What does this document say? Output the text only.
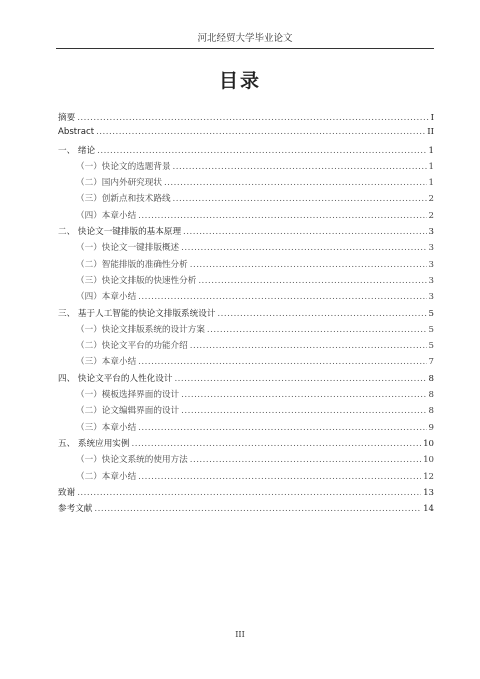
河北经贸大学毕业论文
目录
摘要 .....	I
Abstract .....	II
一、 绪论 .....	1
（一）快论文的选题背景 .....	1
（二）国内外研究现状 .....	1
（三）创新点和技术路线 .....	2
（四）本章小结 .....	2
二、 快论文一键排版的基本原理 .....	3
（一）快论文一键排版概述 .....	3
（二）智能排版的准确性分析 .....	3
（三）快论文排版的快速性分析 .....	3
（四）本章小结 .....	3
三、 基于人工智能的快论文排版系统设计 .....	5
（一）快论文排版系统的设计方案 .....	5
（二）快论文平台的功能介绍 .....	5
（三）本章小结 .....	7
四、 快论文平台的人性化设计 .....	8
（一）模板选择界面的设计 .....	8
（二）论文编辑界面的设计 .....	8
（三）本章小结 .....	9
五、 系统应用实例 .....	10
（一）快论文系统的使用方法 .....	10
（二）本章小结 .....	12
致谢 .....	13
参考文献 .....	14
III
